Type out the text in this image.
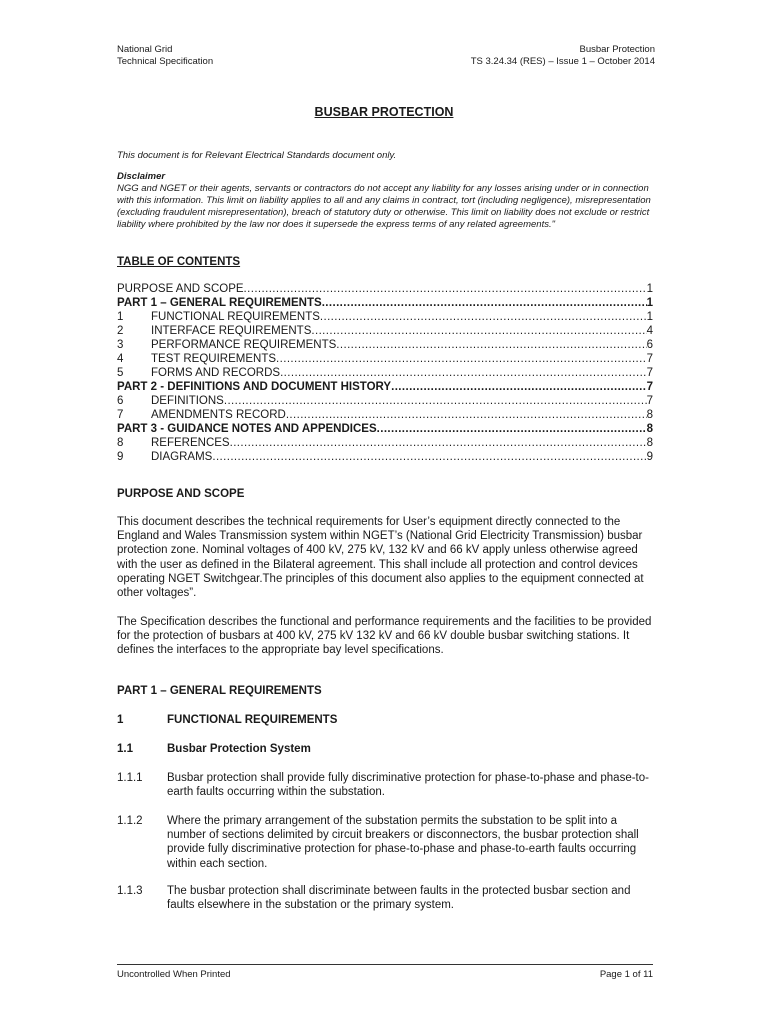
National Grid
Technical Specification
Busbar Protection
TS 3.24.34 (RES) – Issue 1 – October 2014
BUSBAR PROTECTION
This document is for Relevant Electrical Standards document only.
Disclaimer
NGG and NGET or their agents, servants or contractors do not accept any liability for any losses arising under or in connection with this information. This limit on liability applies to all and any claims in contract, tort (including negligence), misrepresentation (excluding fraudulent misrepresentation), breach of statutory duty or otherwise. This limit on liability does not exclude or restrict liability where prohibited by the law nor does it supersede the express terms of any related agreements."
TABLE OF CONTENTS
PURPOSE AND SCOPE .....	1
PART 1 – GENERAL REQUIREMENTS .....	1
1	FUNCTIONAL REQUIREMENTS .....	1
2	INTERFACE REQUIREMENTS .....	4
3	PERFORMANCE REQUIREMENTS .....	6
4	TEST REQUIREMENTS .....	7
5	FORMS AND RECORDS .....	7
PART 2 - DEFINITIONS AND DOCUMENT HISTORY .....	7
6	DEFINITIONS .....	7
7	AMENDMENTS RECORD .....	8
PART 3 - GUIDANCE NOTES AND APPENDICES .....	8
8	REFERENCES .....	8
9	DIAGRAMS .....	9
PURPOSE AND SCOPE
This document describes the technical requirements for User’s equipment directly connected to the England and Wales Transmission system within NGET’s (National Grid Electricity Transmission) busbar protection zone. Nominal voltages of 400 kV, 275 kV, 132 kV and 66 kV apply unless otherwise agreed with the user as defined in the Bilateral agreement. This shall include all protection and control devices operating NGET Switchgear.The principles of this document also applies to the equipment connected at other voltages”.
The Specification describes the functional and performance requirements and the facilities to be provided for the protection of busbars at 400 kV, 275 kV 132 kV and 66 kV double busbar switching stations. It defines the interfaces to the appropriate bay level specifications.
PART 1 – GENERAL REQUIREMENTS
1	FUNCTIONAL REQUIREMENTS
1.1	Busbar Protection System
1.1.1	Busbar protection shall provide fully discriminative protection for phase-to-phase and phase-to-earth faults occurring within the substation.
1.1.2	Where the primary arrangement of the substation permits the substation to be split into a number of sections delimited by circuit breakers or disconnectors, the busbar protection shall provide fully discriminative protection for phase-to-phase and phase-to-earth faults occurring within each section.
1.1.3	The busbar protection shall discriminate between faults in the protected busbar section and faults elsewhere in the substation or the primary system.
Uncontrolled When Printed	Page 1 of 11
